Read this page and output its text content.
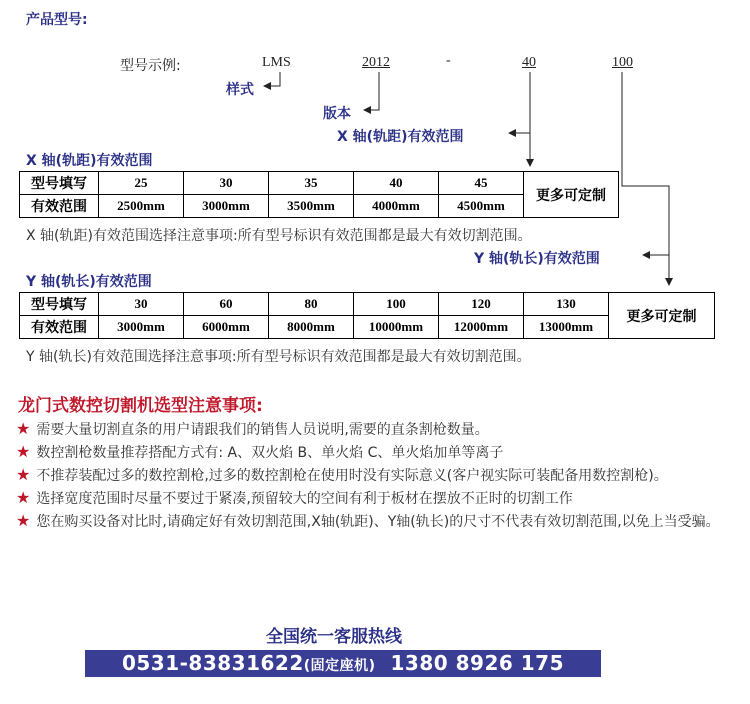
产品型号:
型号示例:	LMS	2012	-	40	100
样式
版本
X 轴(轨距)有效范围
X 轴(轨距)有效范围
型号填写	25	30	35	40	45	更多可定制
有效范围	2500mm	3000mm	3500mm	4000mm	4500mm	
X 轴(轨距)有效范围选择注意事项:所有型号标识有效范围都是最大有效切割范围。
Y 轴(轨长)有效范围
Y 轴(轨长)有效范围
型号填写	30	60	80	100	120	130	更多可定制
有效范围	3000mm	6000mm	8000mm	10000mm	12000mm	13000mm	
Y 轴(轨长)有效范围选择注意事项:所有型号标识有效范围都是最大有效切割范围。
龙门式数控切割机选型注意事项:
★ 需要大量切割直条的用户请跟我们的销售人员说明,需要的直条割枪数量。
★ 数控割枪数量推荐搭配方式有: A、双火焰 B、单火焰 C、单火焰加单等离子
★ 不推荐装配过多的数控割枪,过多的数控割枪在使用时没有实际意义(客户视实际可装配备用数控割枪)。
★ 选择宽度范围时尽量不要过于紧凑,预留较大的空间有利于板材在摆放不正时的切割工作
★ 您在购买设备对比时,请确定好有效切割范围,X轴(轨距)、Y轴(轨长)的尺寸不代表有效切割范围,以免上当受骗。
全国统一客服热线
0531-83831622(固定座机) 1380 8926 175
